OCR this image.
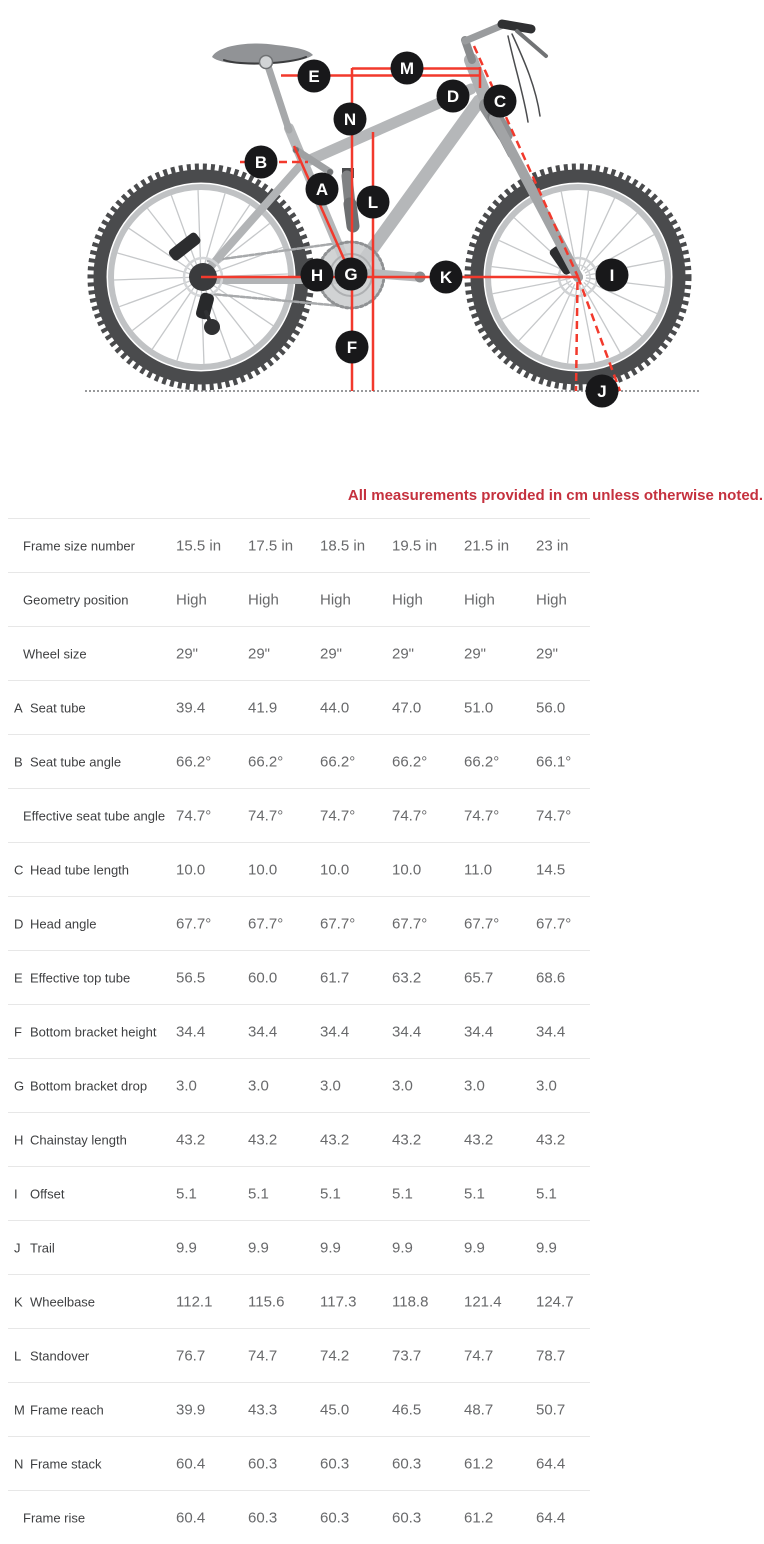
A
B
C
D
E
F
G
H	I
J
K
L
M
N
All measurements provided in cm unless otherwise noted.
Frame size number	15.5 in 17.5 in 18.5 in 19.5 in 21.5 in 23 in
Geometry position	High	High	High	High	High	High
Wheel size	29"	29"	29"	29"	29"	29"
A Seat tube	39.4	41.9	44.0	47.0	51.0	56.0
B Seat tube angle	66.2° 66.2° 66.2° 66.2° 66.2° 66.1°
Effective seat tube angle 74.7° 74.7° 74.7° 74.7° 74.7° 74.7°
C Head tube length	10.0	10.0	10.0	10.0	11.0	14.5
D Head angle	67.7° 67.7° 67.7° 67.7° 67.7° 67.7°
E Effective top tube	56.5	60.0	61.7	63.2	65.7	68.6
F Bottom bracket height 34.4	34.4	34.4	34.4	34.4	34.4
G Bottom bracket drop 3.0	3.0	3.0	3.0	3.0	3.0
H Chainstay length	43.2	43.2	43.2	43.2	43.2	43.2
I Offset	5.1	5.1	5.1	5.1	5.1	5.1
J Trail	9.9	9.9	9.9	9.9	9.9	9.9
K Wheelbase	112.1 115.6 117.3 118.8 121.4 124.7
L Standover	76.7	74.7	74.2	73.7	74.7	78.7
M Frame reach	39.9	43.3	45.0	46.5	48.7	50.7
N Frame stack	60.4	60.3	60.3	60.3	61.2	64.4
Frame rise	60.4	60.3	60.3	60.3	61.2	64.4
